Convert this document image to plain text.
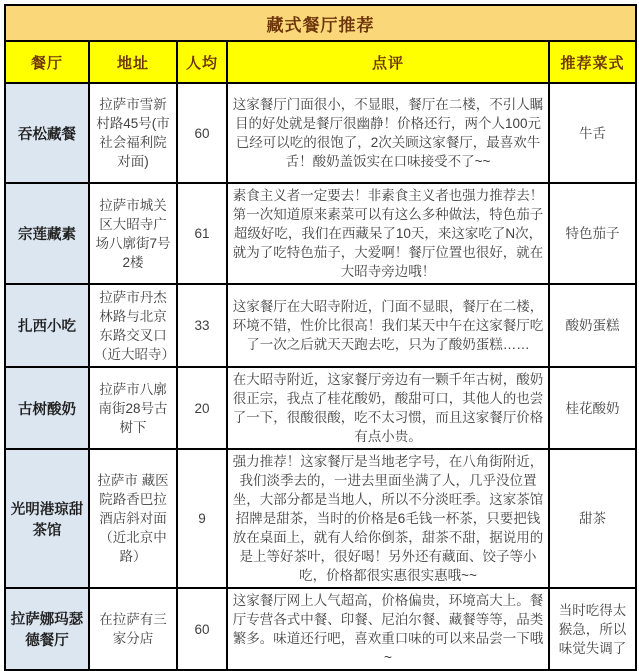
藏式餐厅推荐				
餐厅	地址	人均	点评	推荐菜式
吞松藏餐	拉萨市雪新村路45号(市社会福利院对面)	60	这家餐厅门面很小，不显眼，餐厅在二楼，不引人瞩目的好处就是餐厅很幽静！价格还行，两个人100元已经可以吃的很饱了，2次关顾这家餐厅，最喜欢牛舌！酸奶盖饭实在口味接受不了~~	牛舌
宗莲藏素	拉萨市城关区大昭寺广场八廓街7号2楼	61	素食主义者一定要去！非素食主义者也强力推荐去！第一次知道原来素菜可以有这么多种做法，特色茄子超级好吃，我们在西藏呆了10天，来这家吃了N次，就为了吃特色茄子，大爱啊！餐厅位置也很好，就在大昭寺旁边哦！	特色茄子
扎西小吃	拉萨市丹杰林路与北京东路交叉口（近大昭寺）	33	这家餐厅在大昭寺附近，门面不显眼，餐厅在二楼，环境不错，性价比很高！我们某天中午在这家餐厅吃了一次之后就天天跑去吃，只为了酸奶蛋糕……	酸奶蛋糕
古树酸奶	拉萨市八廓南街28号古树下	20	在大昭寺附近，这家餐厅旁边有一颗千年古树，酸奶很正宗，我点了桂花酸奶，酸甜可口，其他人的也尝了一下，很酸很酸，吃不太习惯，而且这家餐厅价格有点小贵。	桂花酸奶
光明港琼甜茶馆	拉萨市 藏医院路香巴拉酒店斜对面（近北京中路）	9	强力推荐！这家餐厅是当地老字号，在八角街附近，我们淡季去的，一进去里面坐满了人，几乎没位置坐，大部分都是当地人，所以不分淡旺季。这家茶馆招牌是甜茶，当时的价格是6毛钱一杯茶，只要把钱放在桌面上，就有人给你倒茶，甜茶不甜，据说用的是上等好茶叶，很好喝！另外还有藏面、饺子等小吃，价格都很实惠很实惠哦~~	甜茶
拉萨娜玛瑟德餐厅	在拉萨有三家分店	60	这家餐厅网上人气超高，价格偏贵，环境高大上。餐厅专营各式中餐、印餐、尼泊尔餐、藏餐等等，品类繁多。味道还行吧，喜欢重口味的可以来品尝一下哦~	当时吃得太猴急，所以味觉失调了
